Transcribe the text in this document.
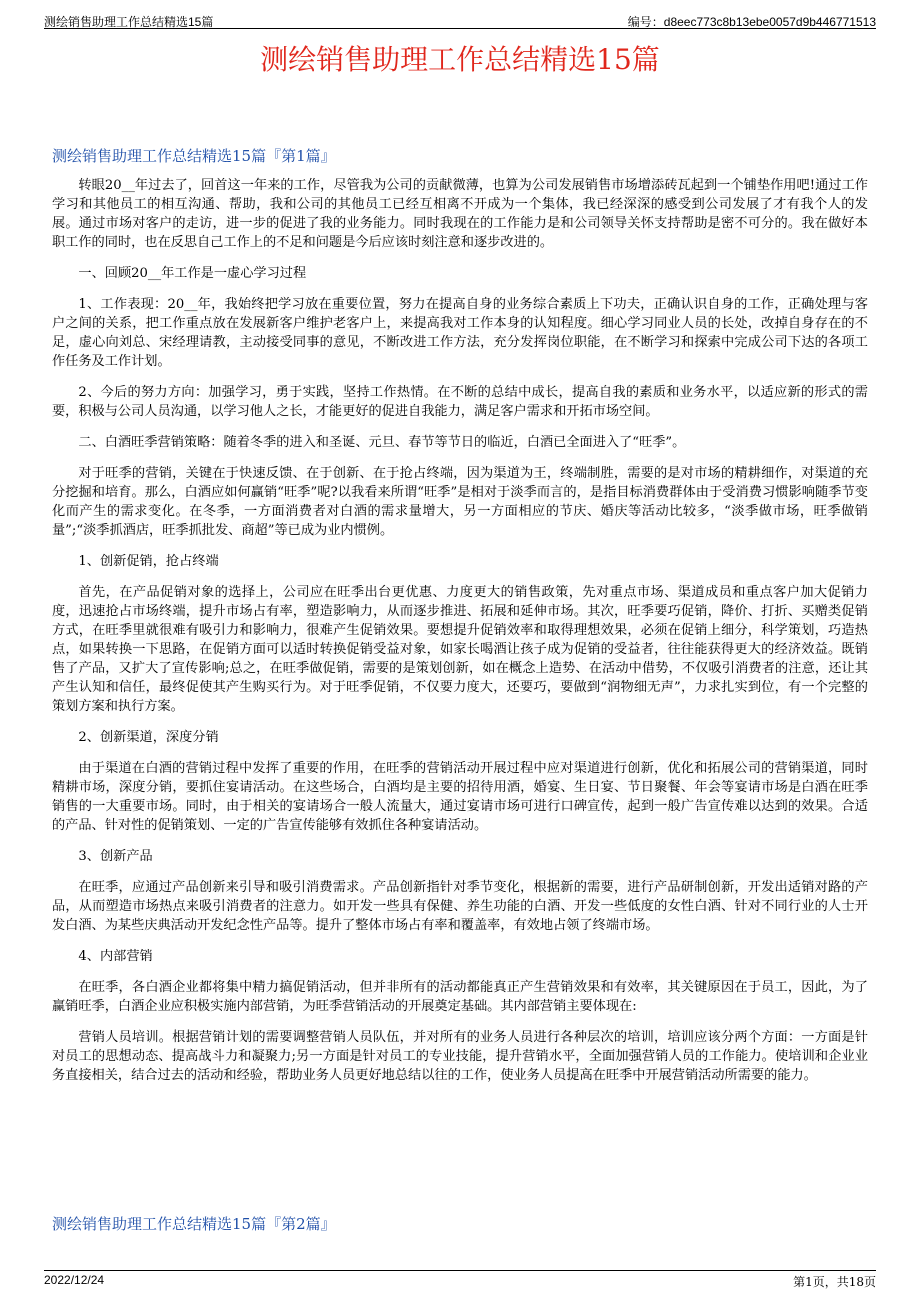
测绘销售助理工作总结精选15篇	编号：d8eec773c8b13ebe0057d9b446771513
测绘销售助理工作总结精选15篇
测绘销售助理工作总结精选15篇『第1篇』

转眼20__年过去了，回首这一年来的工作，尽管我为公司的贡献微薄，也算为公司发展销售市场增添砖瓦起到一个铺垫作用吧!通过工作学习和其他员工的相互沟通、帮助，我和公司的其他员工已经互相离不开成为一个集体，我已经深深的感受到公司发展了才有我个人的发展。通过市场对客户的走访，进一步的促进了我的业务能力。同时我现在的工作能力是和公司领导关怀支持帮助是密不可分的。我在做好本职工作的同时，也在反思自己工作上的不足和问题是今后应该时刻注意和逐步改进的。

一、回顾20__年工作是一虚心学习过程

1、工作表现：20__年，我始终把学习放在重要位置，努力在提高自身的业务综合素质上下功夫，正确认识自身的工作，正确处理与客户之间的关系，把工作重点放在发展新客户维护老客户上，来提高我对工作本身的认知程度。细心学习同业人员的长处，改掉自身存在的不足，虚心向刘总、宋经理请教，主动接受同事的意见，不断改进工作方法，充分发挥岗位职能，在不断学习和探索中完成公司下达的各项工作任务及工作计划。

2、今后的努力方向：加强学习，勇于实践，坚持工作热情。在不断的总结中成长，提高自我的素质和业务水平，以适应新的形式的需要，积极与公司人员沟通，以学习他人之长，才能更好的促进自我能力，满足客户需求和开拓市场空间。

二、白酒旺季营销策略：随着冬季的进入和圣诞、元旦、春节等节日的临近，白酒已全面进入了“旺季”。

对于旺季的营销，关键在于快速反馈、在于创新、在于抢占终端，因为渠道为王，终端制胜，需要的是对市场的精耕细作，对渠道的充分挖掘和培育。那么，白酒应如何赢销“旺季”呢?以我看来所谓“旺季”是相对于淡季而言的，是指目标消费群体由于受消费习惯影响随季节变化而产生的需求变化。在冬季，一方面消费者对白酒的需求量增大，另一方面相应的节庆、婚庆等活动比较多，“淡季做市场，旺季做销量”;“淡季抓酒店，旺季抓批发、商超”等已成为业内惯例。

1、创新促销，抢占终端

首先，在产品促销对象的选择上，公司应在旺季出台更优惠、力度更大的销售政策，先对重点市场、渠道成员和重点客户加大促销力度，迅速抢占市场终端，提升市场占有率，塑造影响力，从而逐步推进、拓展和延伸市场。其次，旺季要巧促销，降价、打折、买赠类促销方式，在旺季里就很难有吸引力和影响力，很难产生促销效果。要想提升促销效率和取得理想效果，必须在促销上细分，科学策划，巧造热点，如果转换一下思路，在促销方面可以适时转换促销受益对象，如家长喝酒让孩子成为促销的受益者，往往能获得更大的经济效益。既销售了产品，又扩大了宣传影响;总之，在旺季做促销，需要的是策划创新，如在概念上造势、在活动中借势，不仅吸引消费者的注意，还让其产生认知和信任，最终促使其产生购买行为。对于旺季促销，不仅要力度大，还要巧，要做到“润物细无声”，力求扎实到位，有一个完整的策划方案和执行方案。

2、创新渠道，深度分销

由于渠道在白酒的营销过程中发挥了重要的作用，在旺季的营销活动开展过程中应对渠道进行创新，优化和拓展公司的营销渠道，同时精耕市场，深度分销，要抓住宴请活动。在这些场合，白酒均是主要的招待用酒，婚宴、生日宴、节日聚餐、年会等宴请市场是白酒在旺季销售的一大重要市场。同时，由于相关的宴请场合一般人流量大，通过宴请市场可进行口碑宣传，起到一般广告宣传难以达到的效果。合适的产品、针对性的促销策划、一定的广告宣传能够有效抓住各种宴请活动。

3、创新产品

在旺季，应通过产品创新来引导和吸引消费需求。产品创新指针对季节变化，根据新的需要，进行产品研制创新，开发出适销对路的产品，从而塑造市场热点来吸引消费者的注意力。如开发一些具有保健、养生功能的白酒、开发一些低度的女性白酒、针对不同行业的人士开发白酒、为某些庆典活动开发纪念性产品等。提升了整体市场占有率和覆盖率，有效地占领了终端市场。

4、内部营销

在旺季，各白酒企业都将集中精力搞促销活动，但并非所有的活动都能真正产生营销效果和有效率，其关键原因在于员工，因此，为了赢销旺季，白酒企业应积极实施内部营销，为旺季营销活动的开展奠定基础。其内部营销主要体现在:

营销人员培训。根据营销计划的需要调整营销人员队伍，并对所有的业务人员进行各种层次的培训，培训应该分两个方面：一方面是针对员工的思想动态、提高战斗力和凝聚力;另一方面是针对员工的专业技能，提升营销水平，全面加强营销人员的工作能力。使培训和企业业务直接相关，结合过去的活动和经验，帮助业务人员更好地总结以往的工作，使业务人员提高在旺季中开展营销活动所需要的能力。

测绘销售助理工作总结精选15篇『第2篇』
2022/12/24	第1页，共18页
